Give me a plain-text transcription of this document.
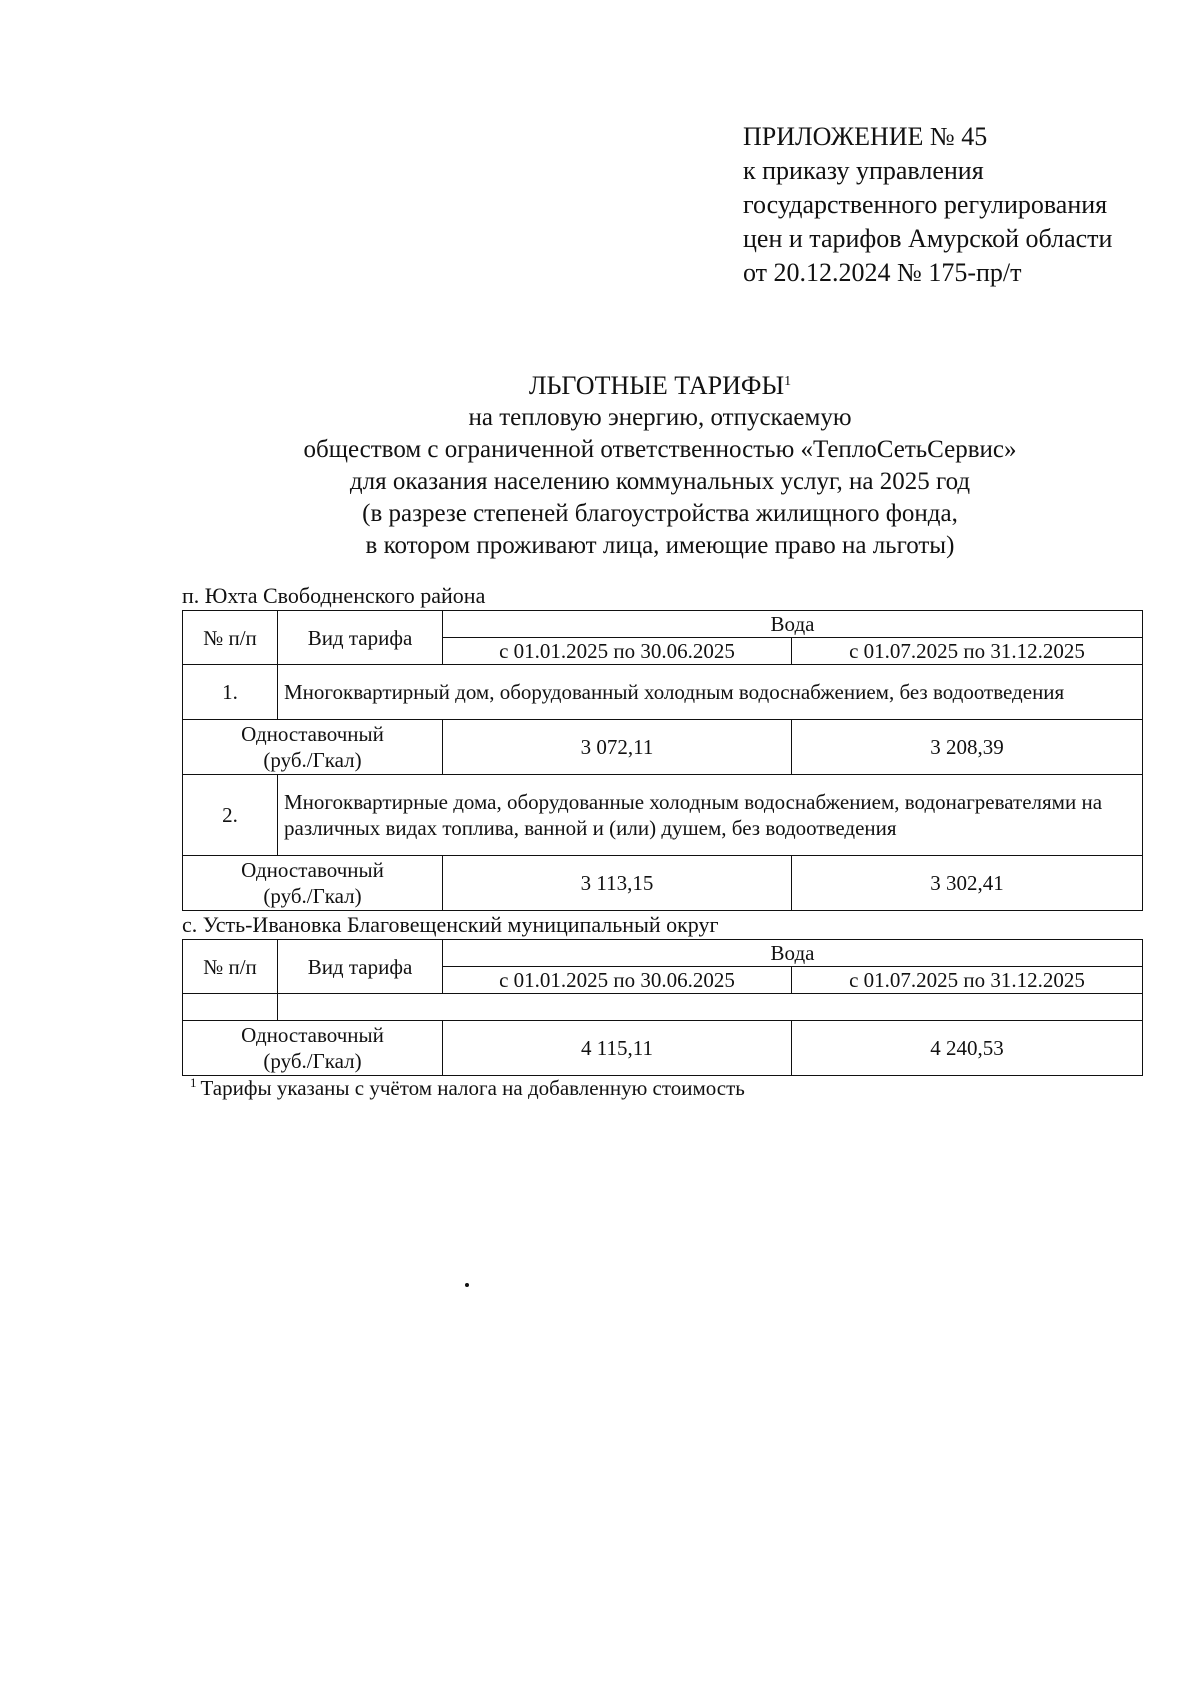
ПРИЛОЖЕНИЕ № 45
к приказу управления
государственного регулирования
цен и тарифов Амурской области
от 20.12.2024 № 175-пр/т
ЛЬГОТНЫЕ ТАРИФЫ$^1$
на тепловую энергию, отпускаемую
обществом с ограниченной ответственностью «ТеплоСетьСервис»
для оказания населению коммунальных услуг, на 2025 год
(в разрезе степеней благоустройства жилищного фонда,
в котором проживают лица, имеющие право на льготы)
п. Юхта Свободненского района
№ п/п	Вид тарифа	Вода	
		с 01.01.2025 по 30.06.2025	с 01.07.2025 по 31.12.2025
1.	Многоквартирный дом, оборудованный холодным водоснабжением, без водоотведения		

Одноставочный
(руб./Гкал)		3 072,11	3 208,39
2.	Многоквартирные дома, оборудованные холодным водоснабжением, водонагревателями на различных видах топлива, ванной и (или) душем, без водоотведения		

Одноставочный
(руб./Гкал)		3 113,15	3 302,41
с. Усть-Ивановка Благовещенский муниципальный округ
№ п/п	Вид тарифа	Вода	
		с 01.01.2025 по 30.06.2025	с 01.07.2025 по 31.12.2025

Одноставочный
(руб./Гкал)		4 115,11	4 240,53
$^1$ Тарифы указаны с учётом налога на добавленную стоимость
